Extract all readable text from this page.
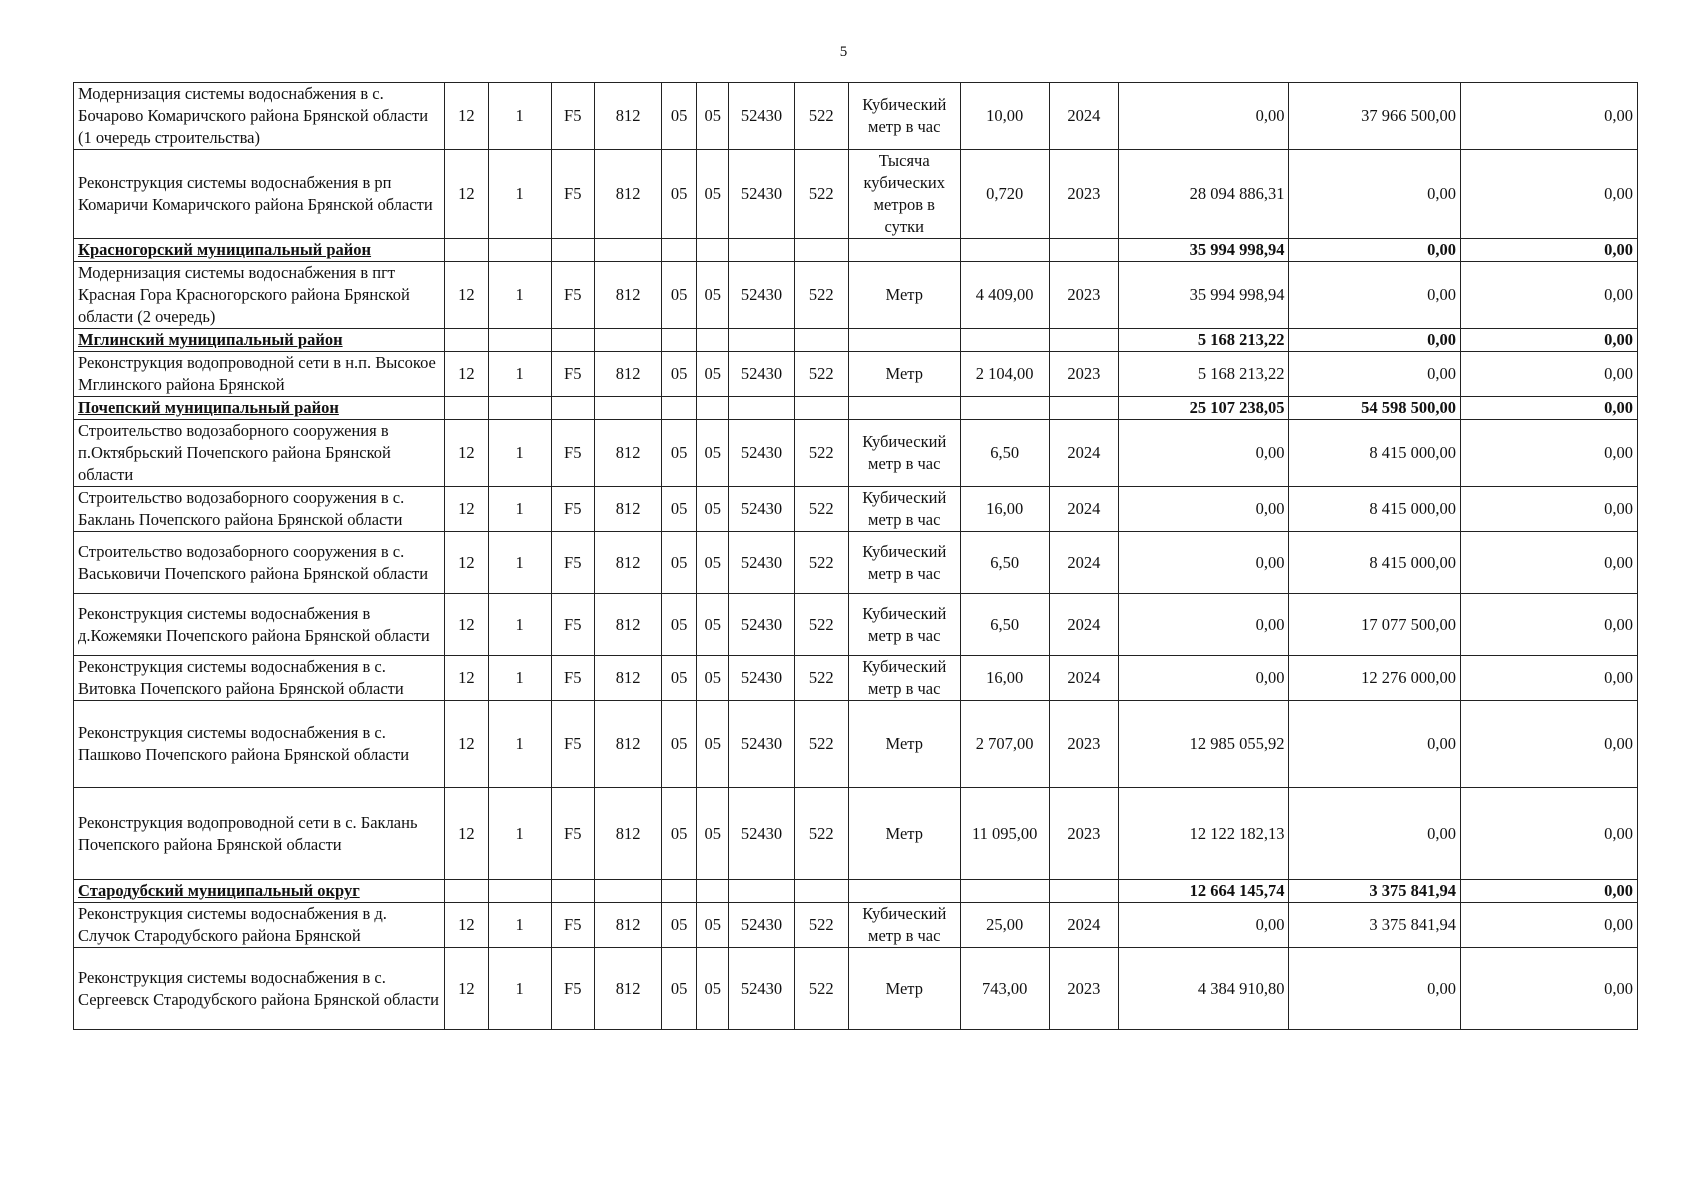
5
Модернизация системы водоснабжения в с. Бочарово Комаричского района Брянской области (1 очередь строительства)	12	1	F5	812	05	05	52430	522	Кубический метр в час	10,00	2024	0,00	37 966 500,00	0,00
Реконструкция системы водоснабжения в рп Комаричи Комаричского района Брянской области	12	1	F5	812	05	05	52430	522	Тысяча кубических метров в сутки	0,720	2023	28 094 886,31	0,00	0,00
Красногорский муниципальный район												35 994 998,94	0,00	0,00
Модернизация системы водоснабжения в пгт Красная Гора Красногорского района Брянской области (2 очередь)	12	1	F5	812	05	05	52430	522	Метр	4 409,00	2023	35 994 998,94	0,00	0,00
Мглинский муниципальный район												5 168 213,22	0,00	0,00
Реконструкция водопроводной сети в н.п. Высокое Мглинского района Брянской	12	1	F5	812	05	05	52430	522	Метр	2 104,00	2023	5 168 213,22	0,00	0,00
Почепский муниципальный район												25 107 238,05	54 598 500,00	0,00
Строительство водозаборного сооружения в п.Октябрьский Почепского района Брянской области	12	1	F5	812	05	05	52430	522	Кубический метр в час	6,50	2024	0,00	8 415 000,00	0,00
Строительство водозаборного сооружения в с. Баклань Почепского района Брянской области	12	1	F5	812	05	05	52430	522	Кубический метр в час	16,00	2024	0,00	8 415 000,00	0,00
Строительство водозаборного сооружения в с. Васьковичи Почепского района Брянской области	12	1	F5	812	05	05	52430	522	Кубический метр в час	6,50	2024	0,00	8 415 000,00	0,00
Реконструкция системы водоснабжения в д.Кожемяки Почепского района Брянской области	12	1	F5	812	05	05	52430	522	Кубический метр в час	6,50	2024	0,00	17 077 500,00	0,00
Реконструкция системы водоснабжения в с. Витовка Почепского района Брянской области	12	1	F5	812	05	05	52430	522	Кубический метр в час	16,00	2024	0,00	12 276 000,00	0,00
Реконструкция системы водоснабжения в с. Пашково Почепского района Брянской области	12	1	F5	812	05	05	52430	522	Метр	2 707,00	2023	12 985 055,92	0,00	0,00
Реконструкция водопроводной сети в с. Баклань Почепского района Брянской области	12	1	F5	812	05	05	52430	522	Метр	11 095,00	2023	12 122 182,13	0,00	0,00
Стародубский муниципальный округ												12 664 145,74	3 375 841,94	0,00
Реконструкция системы водоснабжения в д. Случок Стародубского района Брянской	12	1	F5	812	05	05	52430	522	Кубический метр в час	25,00	2024	0,00	3 375 841,94	0,00
Реконструкция системы водоснабжения в с. Сергеевск Стародубского района Брянской области	12	1	F5	812	05	05	52430	522	Метр	743,00	2023	4 384 910,80	0,00	0,00
